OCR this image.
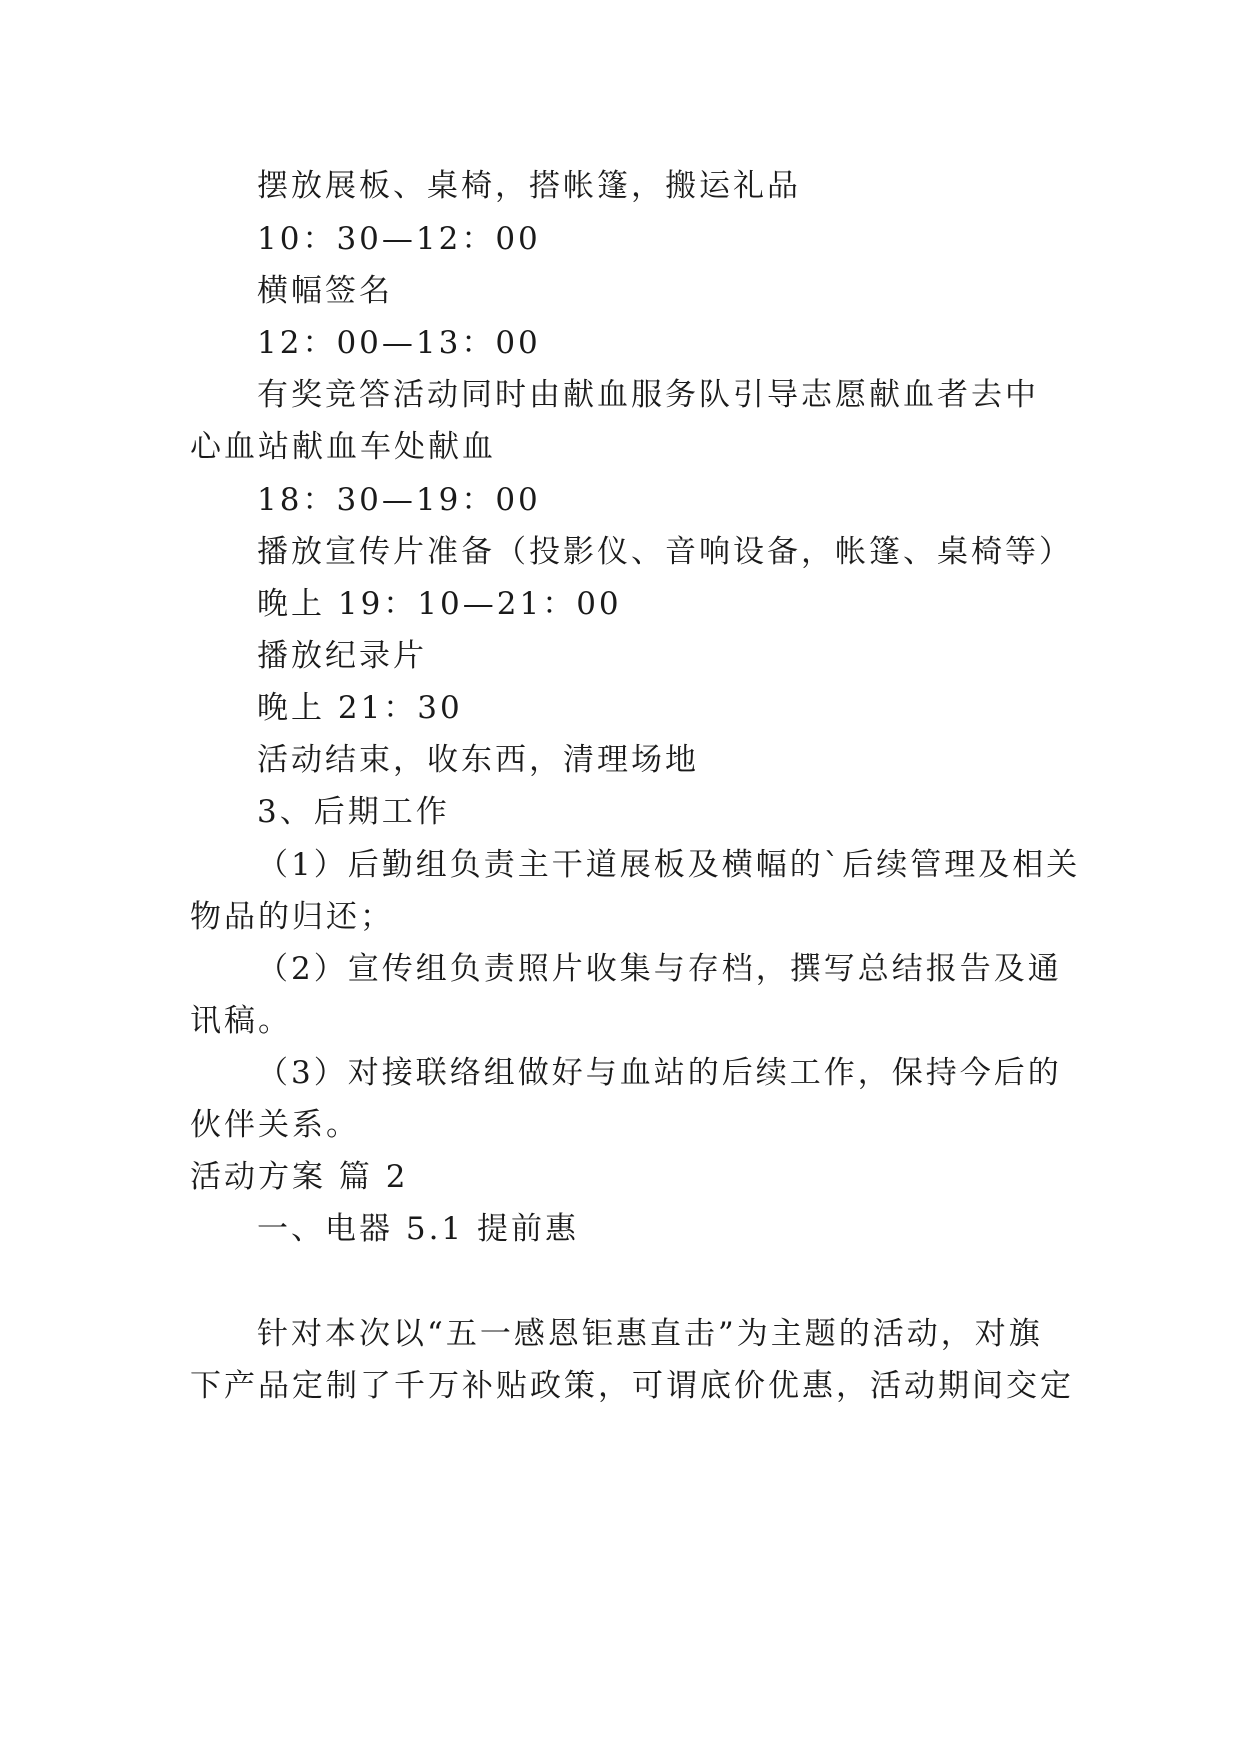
摆放展板、桌椅，搭帐篷，搬运礼品

10：30—12：00

横幅签名

12：00—13：00

有奖竞答活动同时由献血服务队引导志愿献血者去中

心血站献血车处献血

18：30—19：00

播放宣传片准备（投影仪、音响设备，帐篷、桌椅等）

晚上 19：10—21：00

播放纪录片

晚上 21：30

活动结束，收东西，清理场地

3、后期工作

（1）后勤组负责主干道展板及横幅的`后续管理及相关

物品的归还；

（2）宣传组负责照片收集与存档，撰写总结报告及通

讯稿。

（3）对接联络组做好与血站的后续工作，保持今后的

伙伴关系。

活动方案 篇 2

一、电器 5.1 提前惠

针对本次以“五一感恩钜惠直击”为主题的活动，对旗

下产品定制了千万补贴政策，可谓底价优惠，活动期间交定
